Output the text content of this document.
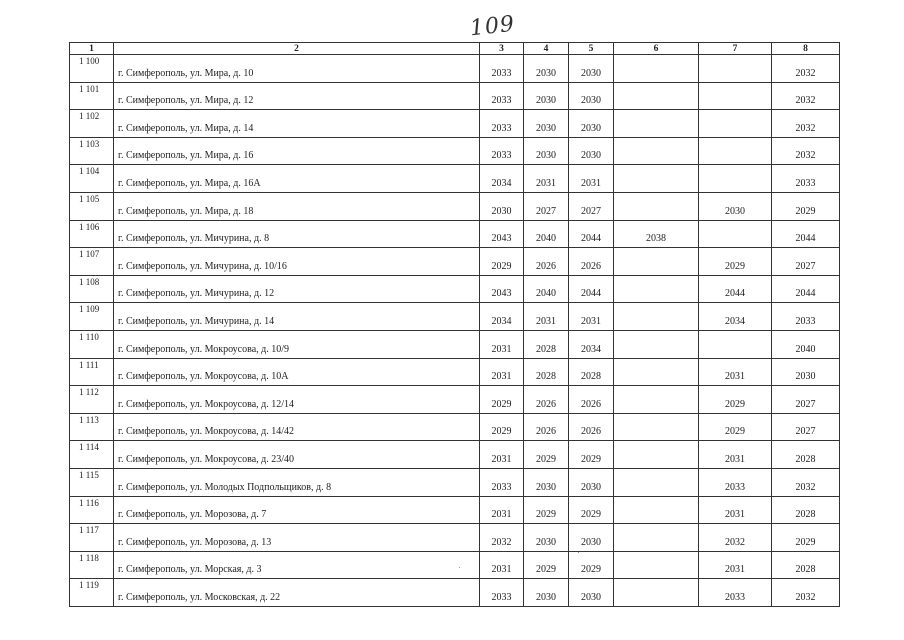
109
1	2	3	4	5	6	7	8
1 100	г. Симферополь, ул. Мира, д. 10	2033	2030	2030			2032
1 101	г. Симферополь, ул. Мира, д. 12	2033	2030	2030			2032
1 102	г. Симферополь, ул. Мира, д. 14	2033	2030	2030			2032
1 103	г. Симферополь, ул. Мира, д. 16	2033	2030	2030			2032
1 104	г. Симферополь, ул. Мира, д. 16А	2034	2031	2031			2033
1 105	г. Симферополь, ул. Мира, д. 18	2030	2027	2027		2030	2029
1 106	г. Симферополь, ул. Мичурина, д. 8	2043	2040	2044	2038		2044
1 107	г. Симферополь, ул. Мичурина, д. 10/16	2029	2026	2026		2029	2027
1 108	г. Симферополь, ул. Мичурина, д. 12	2043	2040	2044		2044	2044
1 109	г. Симферополь, ул. Мичурина, д. 14	2034	2031	2031		2034	2033
1 110	г. Симферополь, ул. Мокроусова, д. 10/9	2031	2028	2034			2040
1 111	г. Симферополь, ул. Мокроусова, д. 10А	2031	2028	2028		2031	2030
1 112	г. Симферополь, ул. Мокроусова, д. 12/14	2029	2026	2026		2029	2027
1 113	г. Симферополь, ул. Мокроусова, д. 14/42	2029	2026	2026		2029	2027
1 114	г. Симферополь, ул. Мокроусова, д. 23/40	2031	2029	2029		2031	2028
1 115	г. Симферополь, ул. Молодых Подпольщиков, д. 8	2033	2030	2030		2033	2032
1 116	г. Симферополь, ул. Морозова, д. 7	2031	2029	2029		2031	2028
1 117	г. Симферополь, ул. Морозова, д. 13	2032	2030	2030		2032	2029
1 118	г. Симферополь, ул. Морская, д. 3	2031	2029	2029		2031	2028
1 119	г. Симферополь, ул. Московская, д. 22	2033	2030	2030		2033	2032
